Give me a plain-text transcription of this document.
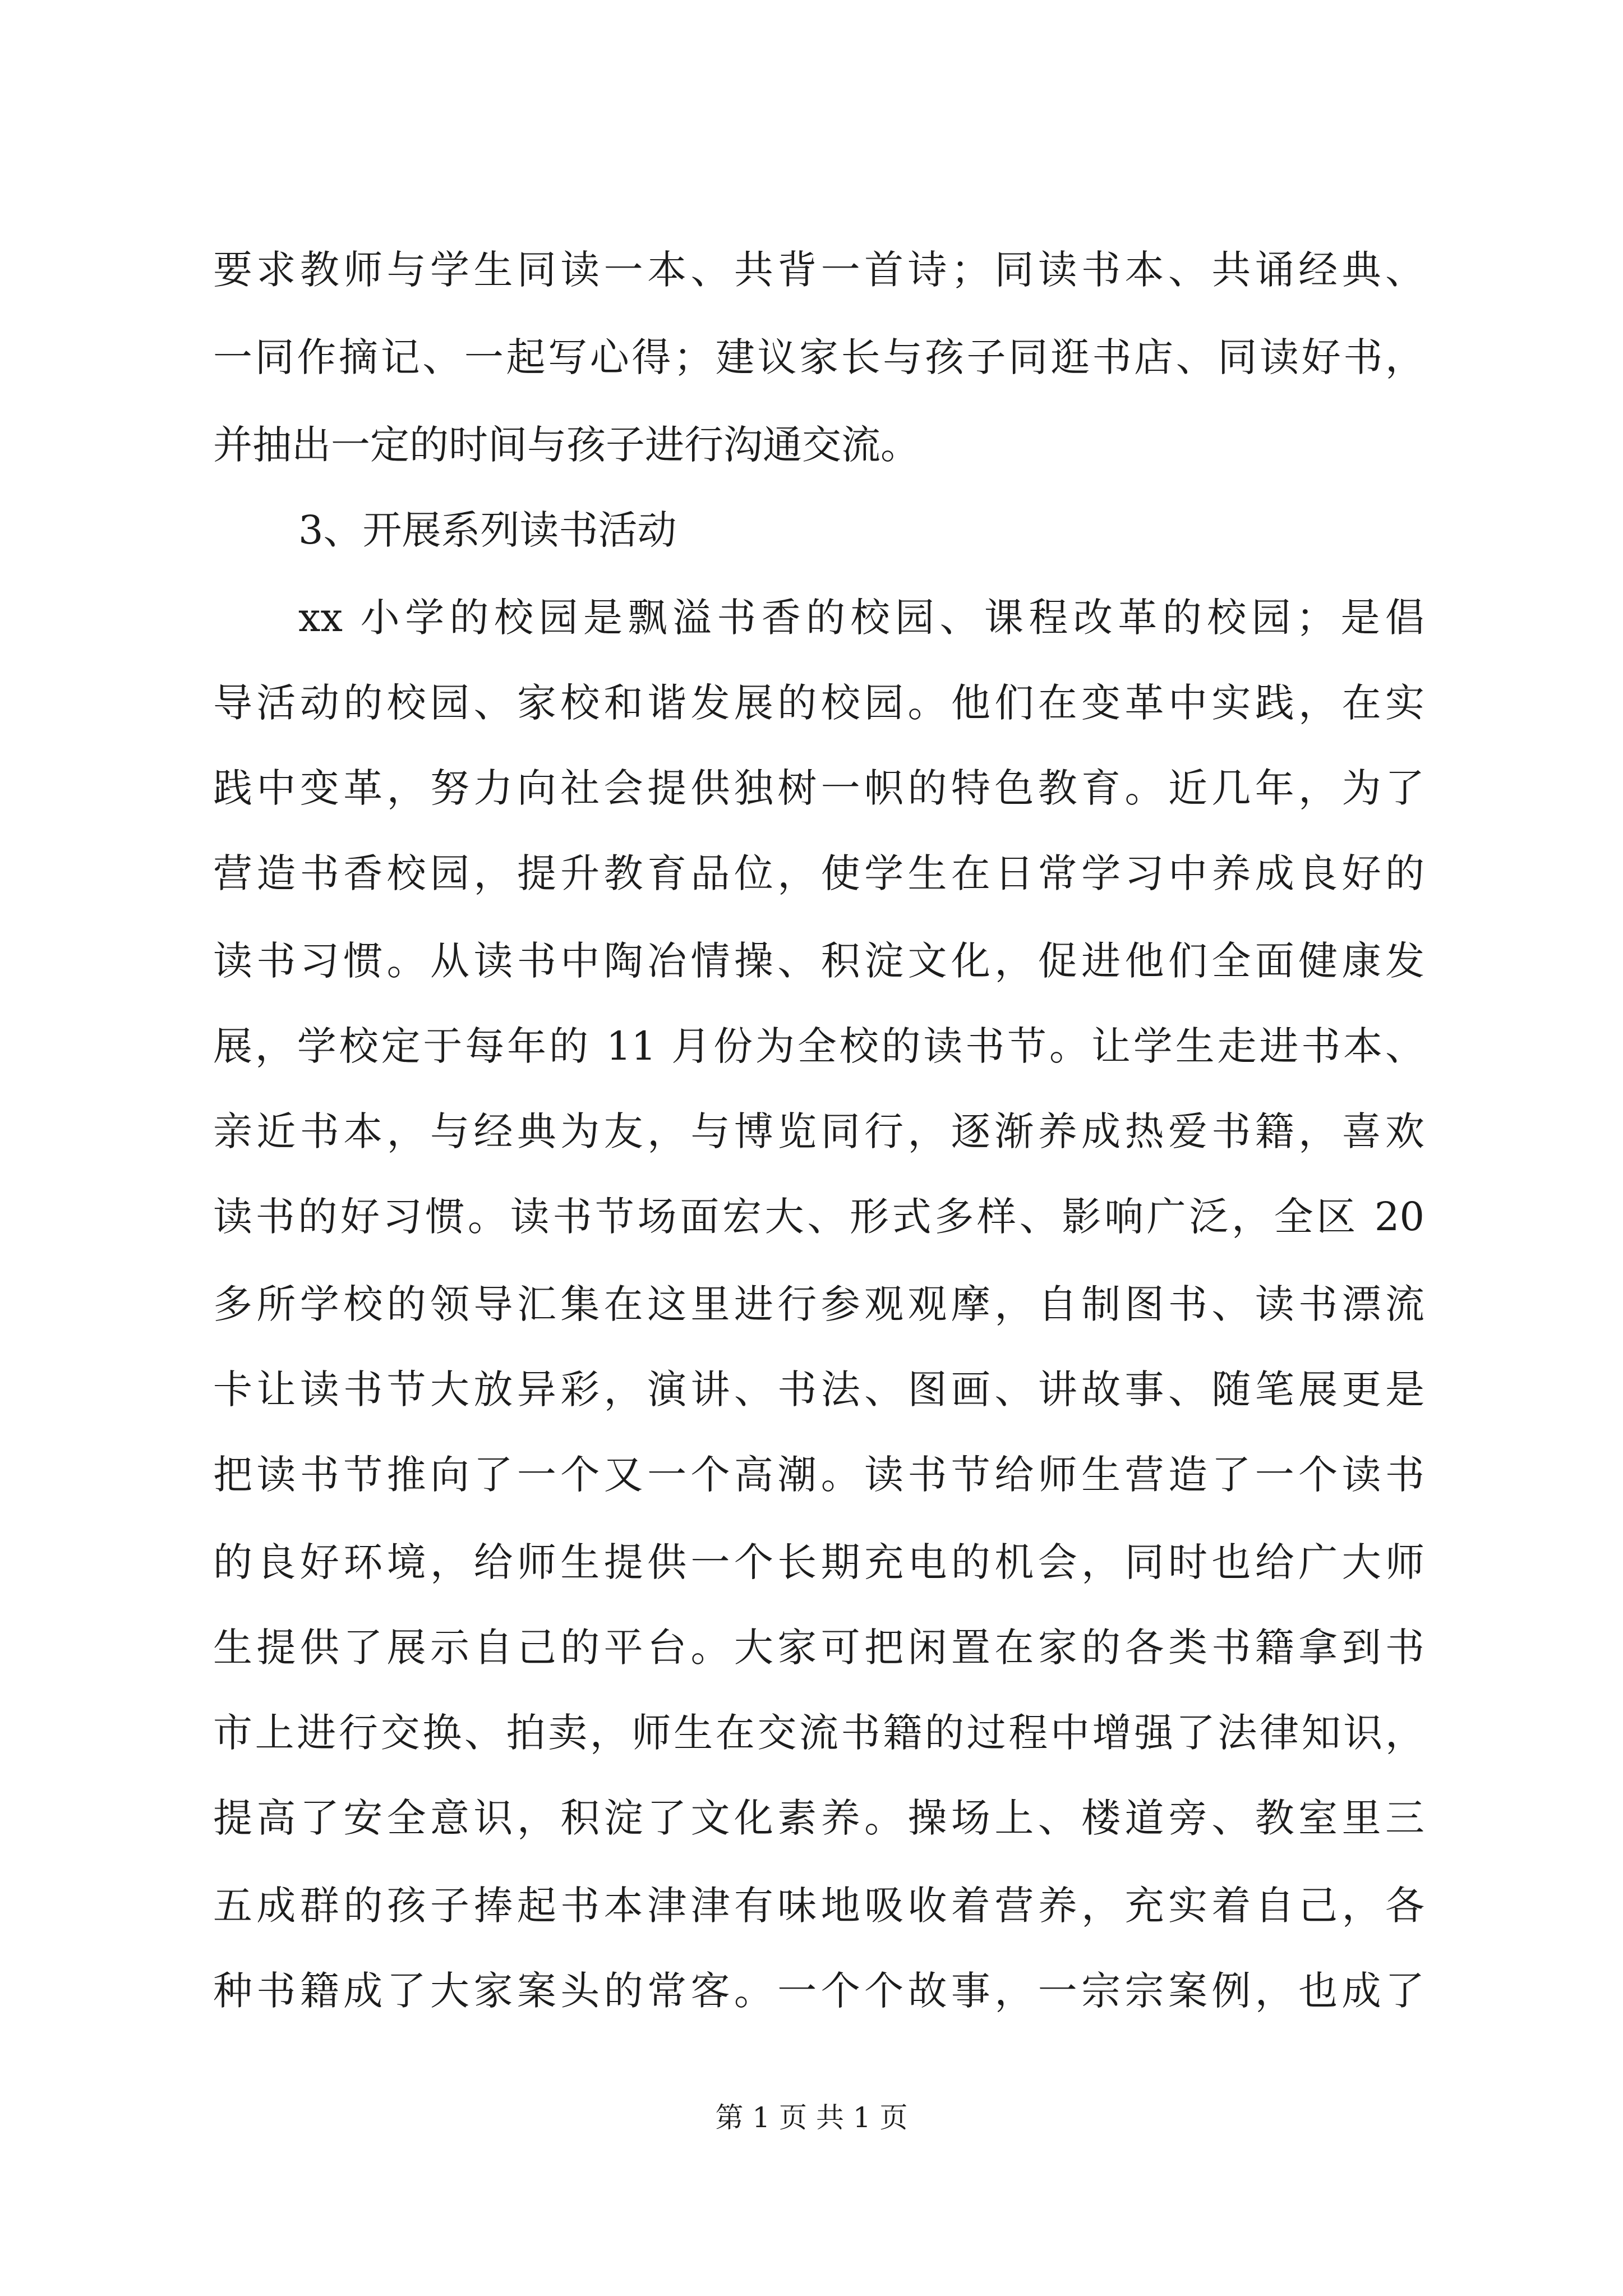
要求教师与学生同读一本、共背一首诗；同读书本、共诵经典、
一同作摘记、一起写心得；建议家长与孩子同逛书店、同读好书，
并抽出一定的时间与孩子进行沟通交流。
3、开展系列读书活动
xx 小学的校园是飘溢书香的校园、课程改革的校园；是倡
导活动的校园、家校和谐发展的校园。他们在变革中实践，在实
践中变革，努力向社会提供独树一帜的特色教育。近几年，为了
营造书香校园，提升教育品位，使学生在日常学习中养成良好的
读书习惯。从读书中陶冶情操、积淀文化，促进他们全面健康发
展，学校定于每年的 11 月份为全校的读书节。让学生走进书本、
亲近书本，与经典为友，与博览同行，逐渐养成热爱书籍，喜欢
读书的好习惯。读书节场面宏大、形式多样、影响广泛，全区 20
多所学校的领导汇集在这里进行参观观摩，自制图书、读书漂流
卡让读书节大放异彩，演讲、书法、图画、讲故事、随笔展更是
把读书节推向了一个又一个高潮。读书节给师生营造了一个读书
的良好环境，给师生提供一个长期充电的机会，同时也给广大师
生提供了展示自己的平台。大家可把闲置在家的各类书籍拿到书
市上进行交换、拍卖，师生在交流书籍的过程中增强了法律知识，
提高了安全意识，积淀了文化素养。操场上、楼道旁、教室里三
五成群的孩子捧起书本津津有味地吸收着营养，充实着自己，各
种书籍成了大家案头的常客。一个个故事，一宗宗案例，也成了
第 1 页 共 1 页
